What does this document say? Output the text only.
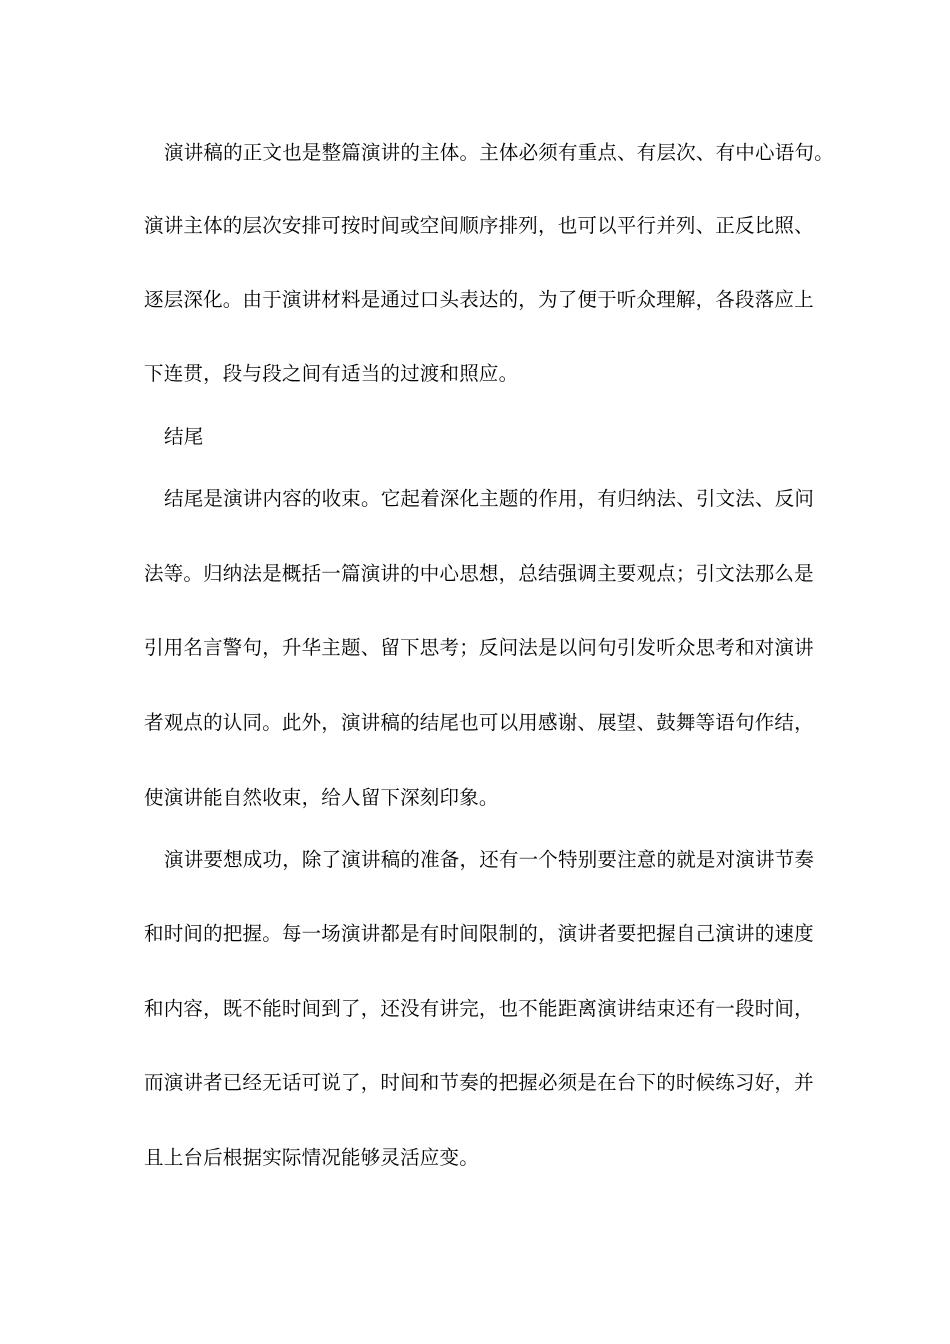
演讲稿的正文也是整篇演讲的主体。主体必须有重点、有层次、有中心语句。
演讲主体的层次安排可按时间或空间顺序排列，也可以平行并列、正反比照、
逐层深化。由于演讲材料是通过口头表达的，为了便于听众理解，各段落应上
下连贯，段与段之间有适当的过渡和照应。
结尾
结尾是演讲内容的收束。它起着深化主题的作用，有归纳法、引文法、反问
法等。归纳法是概括一篇演讲的中心思想，总结强调主要观点；引文法那么是
引用名言警句，升华主题、留下思考；反问法是以问句引发听众思考和对演讲
者观点的认同。此外，演讲稿的结尾也可以用感谢、展望、鼓舞等语句作结，
使演讲能自然收束，给人留下深刻印象。
演讲要想成功，除了演讲稿的准备，还有一个特别要注意的就是对演讲节奏
和时间的把握。每一场演讲都是有时间限制的，演讲者要把握自己演讲的速度
和内容，既不能时间到了，还没有讲完，也不能距离演讲结束还有一段时间，
而演讲者已经无话可说了，时间和节奏的把握必须是在台下的时候练习好，并
且上台后根据实际情况能够灵活应变。
